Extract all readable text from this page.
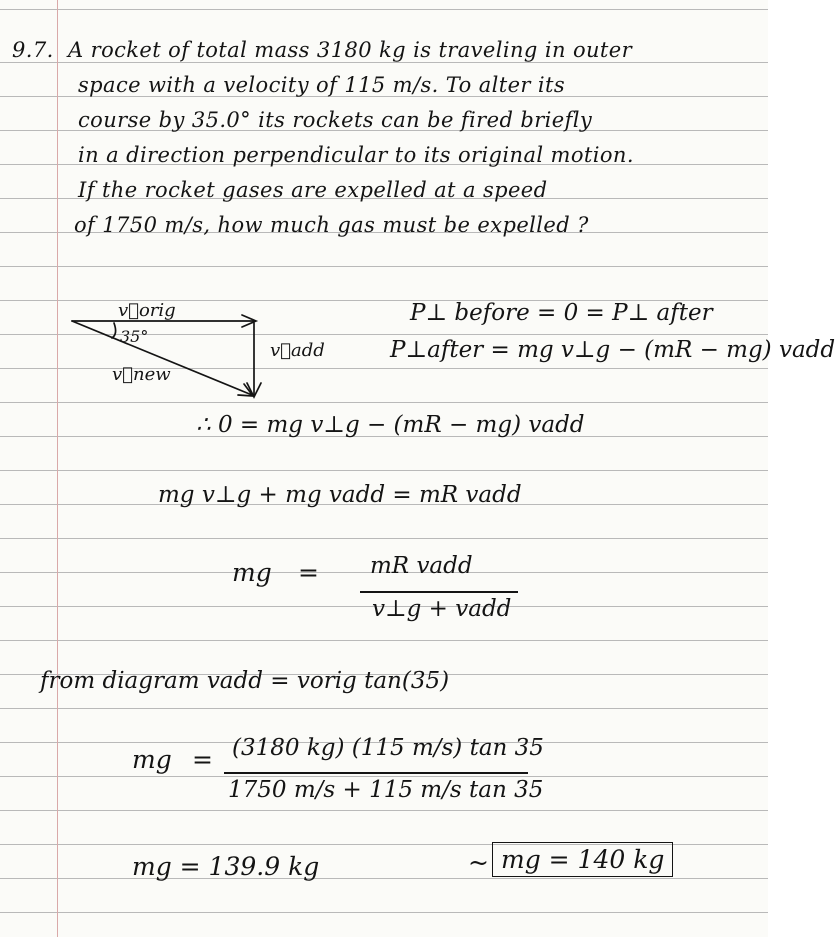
9.7. A rocket of total mass 3180 kg is traveling in outer
space with a velocity of 115 m/s. To alter its
course by 35.0° its rockets can be fired briefly
in a direction perpendicular to its original motion.
If the rocket gases are expelled at a speed
of 1750 m/s, how much gas must be expelled ?
v⃗orig
35°
v⃗new
v⃗add
P⊥ before = 0 = P⊥ after
P⊥after = mg v⊥g − (mR − mg) vadd
∴ 0 = mg v⊥g − (mR − mg) vadd
mg v⊥g + mg vadd = mR vadd
mg = mR vadd
v⊥g + vadd
from diagram vadd = vorig tan(35)
mg = (3180 kg) (115 m/s) tan 35
1750 m/s + 115 m/s tan 35
mg = 139.9 kg	~ mg = 140 kg
